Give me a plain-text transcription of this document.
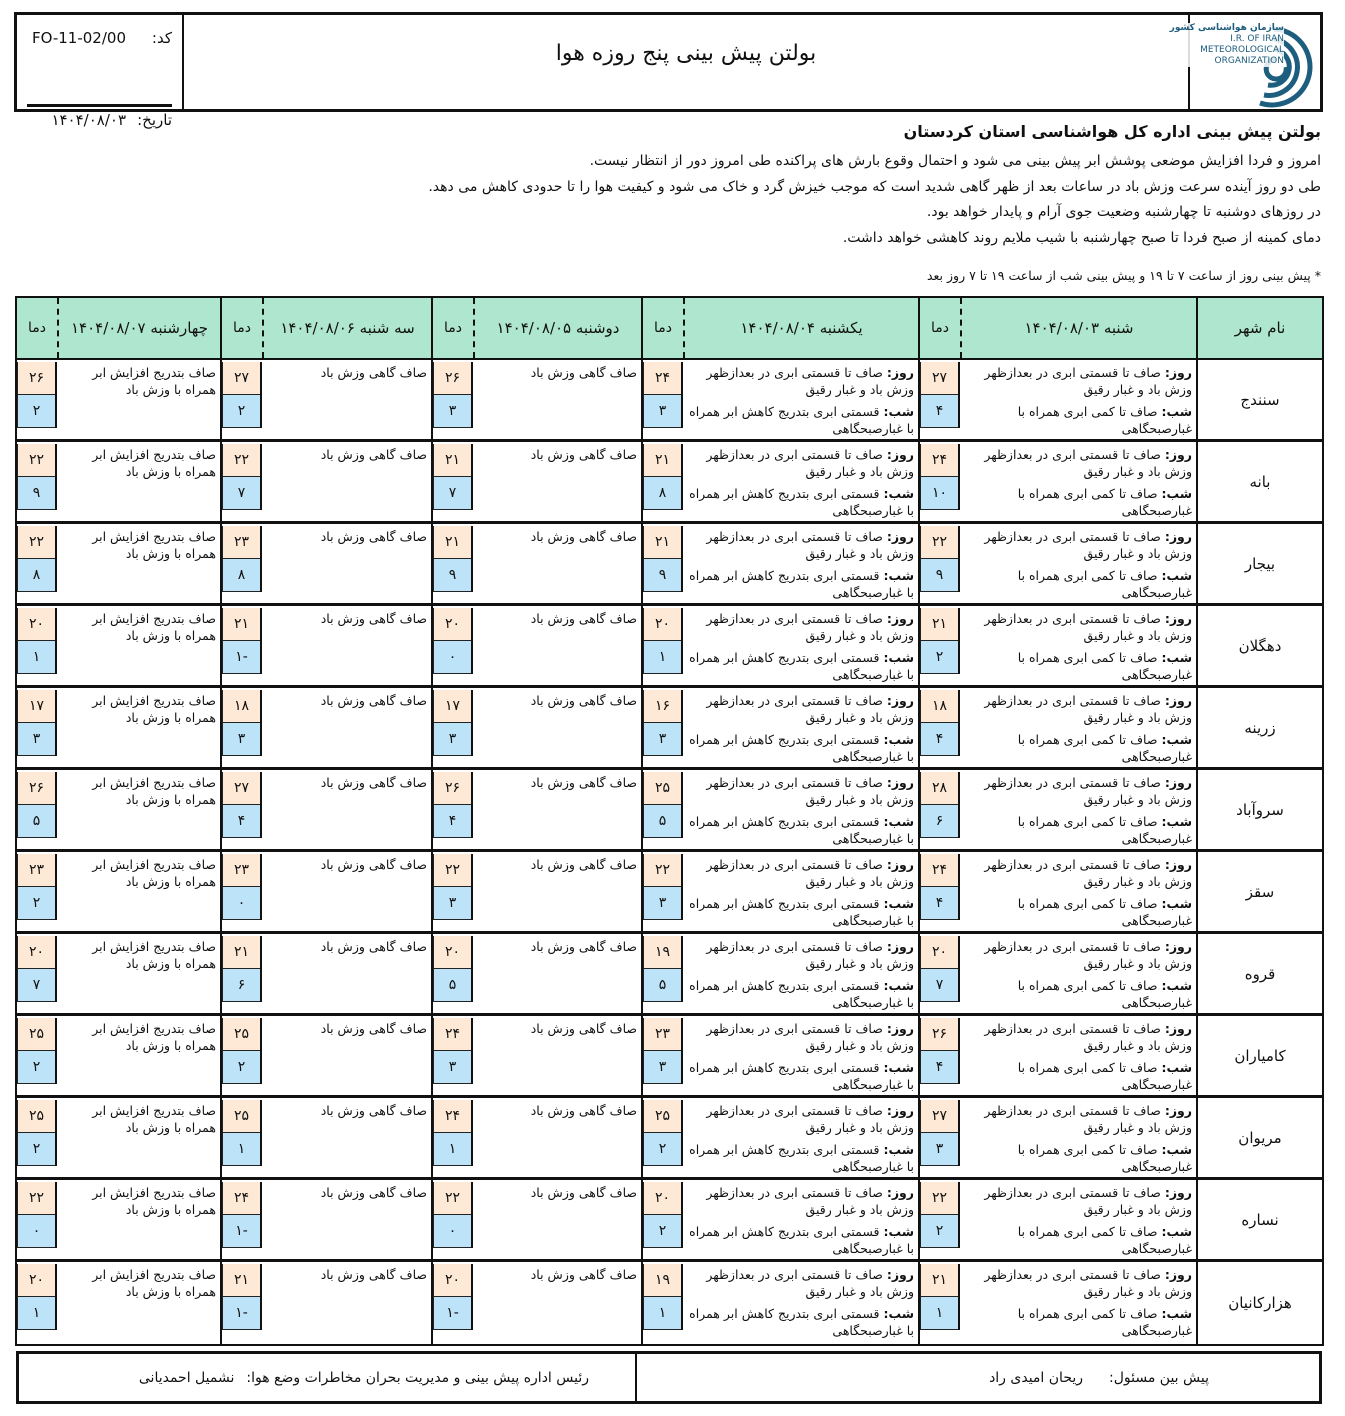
کد:
FO-11-02/00
تاریخ:
۱۴۰۴/۰۸/۰۳
بولتن پیش بینی پنج روزه هوا
سازمان هواشناسی کشور
I.R. OF IRAN
METEOROLOGICAL
ORGANIZATION
بولتن پیش بینی اداره کل هواشناسی استان کردستان

امروز و فردا افزایش موضعی پوشش ابر پیش بینی می شود و احتمال وقوع بارش های پراکنده طی امروز دور از انتظار نیست.

طی دو روز آینده سرعت وزش باد در ساعات بعد از ظهر گاهی شدید است که موجب خیزش گرد و خاک می شود و کیفیت هوا را تا حدودی کاهش می دهد.

در روزهای دوشنبه تا چهارشنبه وضعیت جوی آرام و پایدار خواهد بود.

دمای کمینه از صبح فردا تا صبح چهارشنبه با شیب ملایم روند کاهشی خواهد داشت.

* پیش بینی روز از ساعت ۷ تا ۱۹ و پیش بینی شب از ساعت ۱۹ تا ۷ روز بعد
نام شهر
شنبه ۱۴۰۴/۰۸/۰۳
دما
یکشنبه ۱۴۰۴/۰۸/۰۴
دما
دوشنبه ۱۴۰۴/۰۸/۰۵
دما
سه شنبه ۱۴۰۴/۰۸/۰۶
دما
چهارشنبه ۱۴۰۴/۰۸/۰۷
دما
سنندج
روز: صاف تا قسمتی ابری در بعدازظهر وزش باد و غبار رقیق
شب: صاف تا کمی ابری همراه با غبارصبحگاهی
۲۷
۴
روز: صاف تا قسمتی ابری در بعدازظهر وزش باد و غبار رقیق
شب: قسمتی ابری بتدریج کاهش ابر همراه با غبارصبحگاهی
۲۴
۳
صاف گاهی وزش باد
۲۶
۳
صاف گاهی وزش باد
۲۷
۲
صاف بتدریج افزایش ابر همراه با وزش باد
۲۶
۲
بانه
روز: صاف تا قسمتی ابری در بعدازظهر وزش باد و غبار رقیق
شب: صاف تا کمی ابری همراه با غبارصبحگاهی
۲۴
۱۰
روز: صاف تا قسمتی ابری در بعدازظهر وزش باد و غبار رقیق
شب: قسمتی ابری بتدریج کاهش ابر همراه با غبارصبحگاهی
۲۱
۸
صاف گاهی وزش باد
۲۱
۷
صاف گاهی وزش باد
۲۲
۷
صاف بتدریج افزایش ابر همراه با وزش باد
۲۲
۹
بیجار
روز: صاف تا قسمتی ابری در بعدازظهر وزش باد و غبار رقیق
شب: صاف تا کمی ابری همراه با غبارصبحگاهی
۲۲
۹
روز: صاف تا قسمتی ابری در بعدازظهر وزش باد و غبار رقیق
شب: قسمتی ابری بتدریج کاهش ابر همراه با غبارصبحگاهی
۲۱
۹
صاف گاهی وزش باد
۲۱
۹
صاف گاهی وزش باد
۲۳
۸
صاف بتدریج افزایش ابر همراه با وزش باد
۲۲
۸
دهگلان
روز: صاف تا قسمتی ابری در بعدازظهر وزش باد و غبار رقیق
شب: صاف تا کمی ابری همراه با غبارصبحگاهی
۲۱
۲
روز: صاف تا قسمتی ابری در بعدازظهر وزش باد و غبار رقیق
شب: قسمتی ابری بتدریج کاهش ابر همراه با غبارصبحگاهی
۲۰
۱
صاف گاهی وزش باد
۲۰
۰
صاف گاهی وزش باد
۲۱
-۱
صاف بتدریج افزایش ابر همراه با وزش باد
۲۰
۱
زرینه
روز: صاف تا قسمتی ابری در بعدازظهر وزش باد و غبار رقیق
شب: صاف تا کمی ابری همراه با غبارصبحگاهی
۱۸
۴
روز: صاف تا قسمتی ابری در بعدازظهر وزش باد و غبار رقیق
شب: قسمتی ابری بتدریج کاهش ابر همراه با غبارصبحگاهی
۱۶
۳
صاف گاهی وزش باد
۱۷
۳
صاف گاهی وزش باد
۱۸
۳
صاف بتدریج افزایش ابر همراه با وزش باد
۱۷
۳
سروآباد
روز: صاف تا قسمتی ابری در بعدازظهر وزش باد و غبار رقیق
شب: صاف تا کمی ابری همراه با غبارصبحگاهی
۲۸
۶
روز: صاف تا قسمتی ابری در بعدازظهر وزش باد و غبار رقیق
شب: قسمتی ابری بتدریج کاهش ابر همراه با غبارصبحگاهی
۲۵
۵
صاف گاهی وزش باد
۲۶
۴
صاف گاهی وزش باد
۲۷
۴
صاف بتدریج افزایش ابر همراه با وزش باد
۲۶
۵
سقز
روز: صاف تا قسمتی ابری در بعدازظهر وزش باد و غبار رقیق
شب: صاف تا کمی ابری همراه با غبارصبحگاهی
۲۴
۴
روز: صاف تا قسمتی ابری در بعدازظهر وزش باد و غبار رقیق
شب: قسمتی ابری بتدریج کاهش ابر همراه با غبارصبحگاهی
۲۲
۳
صاف گاهی وزش باد
۲۲
۳
صاف گاهی وزش باد
۲۳
۰
صاف بتدریج افزایش ابر همراه با وزش باد
۲۳
۲
قروه
روز: صاف تا قسمتی ابری در بعدازظهر وزش باد و غبار رقیق
شب: صاف تا کمی ابری همراه با غبارصبحگاهی
۲۰
۷
روز: صاف تا قسمتی ابری در بعدازظهر وزش باد و غبار رقیق
شب: قسمتی ابری بتدریج کاهش ابر همراه با غبارصبحگاهی
۱۹
۵
صاف گاهی وزش باد
۲۰
۵
صاف گاهی وزش باد
۲۱
۶
صاف بتدریج افزایش ابر همراه با وزش باد
۲۰
۷
کامیاران
روز: صاف تا قسمتی ابری در بعدازظهر وزش باد و غبار رقیق
شب: صاف تا کمی ابری همراه با غبارصبحگاهی
۲۶
۴
روز: صاف تا قسمتی ابری در بعدازظهر وزش باد و غبار رقیق
شب: قسمتی ابری بتدریج کاهش ابر همراه با غبارصبحگاهی
۲۳
۳
صاف گاهی وزش باد
۲۴
۳
صاف گاهی وزش باد
۲۵
۲
صاف بتدریج افزایش ابر همراه با وزش باد
۲۵
۲
مریوان
روز: صاف تا قسمتی ابری در بعدازظهر وزش باد و غبار رقیق
شب: صاف تا کمی ابری همراه با غبارصبحگاهی
۲۷
۳
روز: صاف تا قسمتی ابری در بعدازظهر وزش باد و غبار رقیق
شب: قسمتی ابری بتدریج کاهش ابر همراه با غبارصبحگاهی
۲۵
۲
صاف گاهی وزش باد
۲۴
۱
صاف گاهی وزش باد
۲۵
۱
صاف بتدریج افزایش ابر همراه با وزش باد
۲۵
۲
نساره
روز: صاف تا قسمتی ابری در بعدازظهر وزش باد و غبار رقیق
شب: صاف تا کمی ابری همراه با غبارصبحگاهی
۲۲
۲
روز: صاف تا قسمتی ابری در بعدازظهر وزش باد و غبار رقیق
شب: قسمتی ابری بتدریج کاهش ابر همراه با غبارصبحگاهی
۲۰
۲
صاف گاهی وزش باد
۲۲
۰
صاف گاهی وزش باد
۲۴
-۱
صاف بتدریج افزایش ابر همراه با وزش باد
۲۲
۰
هزارکانیان
روز: صاف تا قسمتی ابری در بعدازظهر وزش باد و غبار رقیق
شب: صاف تا کمی ابری همراه با غبارصبحگاهی
۲۱
۱
روز: صاف تا قسمتی ابری در بعدازظهر وزش باد و غبار رقیق
شب: قسمتی ابری بتدریج کاهش ابر همراه با غبارصبحگاهی
۱۹
۱
صاف گاهی وزش باد
۲۰
-۱
صاف گاهی وزش باد
۲۱
-۱
صاف بتدریج افزایش ابر همراه با وزش باد
۲۰
۱
پیش بین مسئول:
ریحان امیدی راد
رئیس اداره پیش بینی و مدیریت بحران مخاطرات وضع هوا:
نشمیل احمدیانی
